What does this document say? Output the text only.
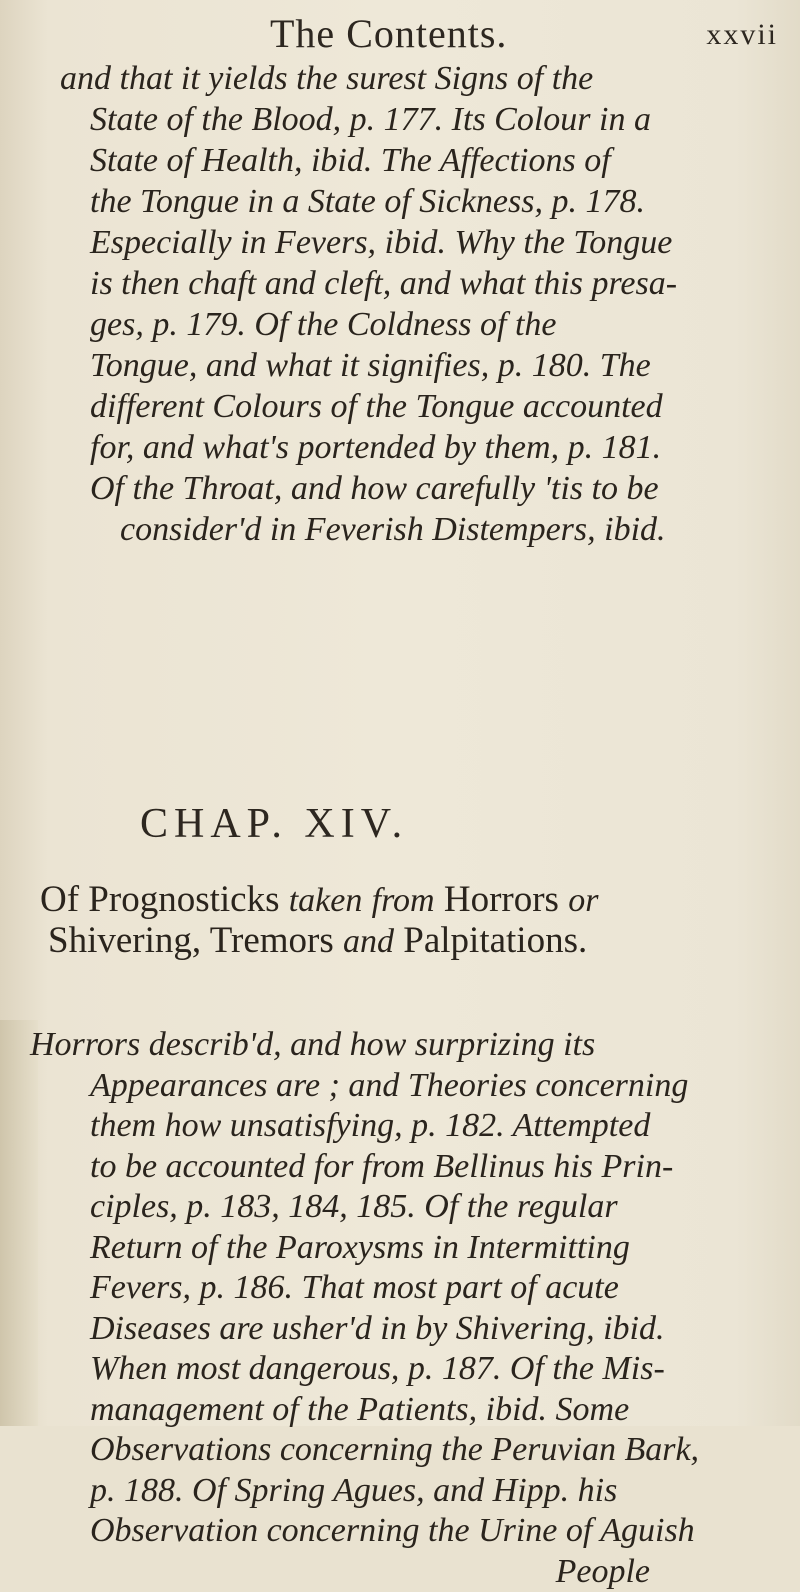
The Contents.	xxvii
and that it yields the surest Signs of the
State of the Blood, p. 177. Its Colour in a
State of Health, ibid. The Affections of
the Tongue in a State of Sickness, p. 178.
Especially in Fevers, ibid. Why the Tongue
is then chaft and cleft, and what this presa-
ges, p. 179. Of the Coldness of the
Tongue, and what it signifies, p. 180. The
different Colours of the Tongue accounted
for, and what's portended by them, p. 181.
Of the Throat, and how carefully 'tis to be
consider'd in Feverish Distempers, ibid.
CHAP. XIV.
Of Prognosticks taken from Horrors or
Shivering, Tremors and Palpitations.
Horrors describ'd, and how surprizing its
Appearances are ; and Theories concerning
them how unsatisfying, p. 182. Attempted
to be accounted for from Bellinus his Prin-
ciples, p. 183, 184, 185. Of the regular
Return of the Paroxysms in Intermitting
Fevers, p. 186. That most part of acute
Diseases are usher'd in by Shivering, ibid.
When most dangerous, p. 187. Of the Mis-
management of the Patients, ibid. Some
Observations concerning the Peruvian Bark,
p. 188. Of Spring Agues, and Hipp. his
Observation concerning the Urine of Aguish
People
